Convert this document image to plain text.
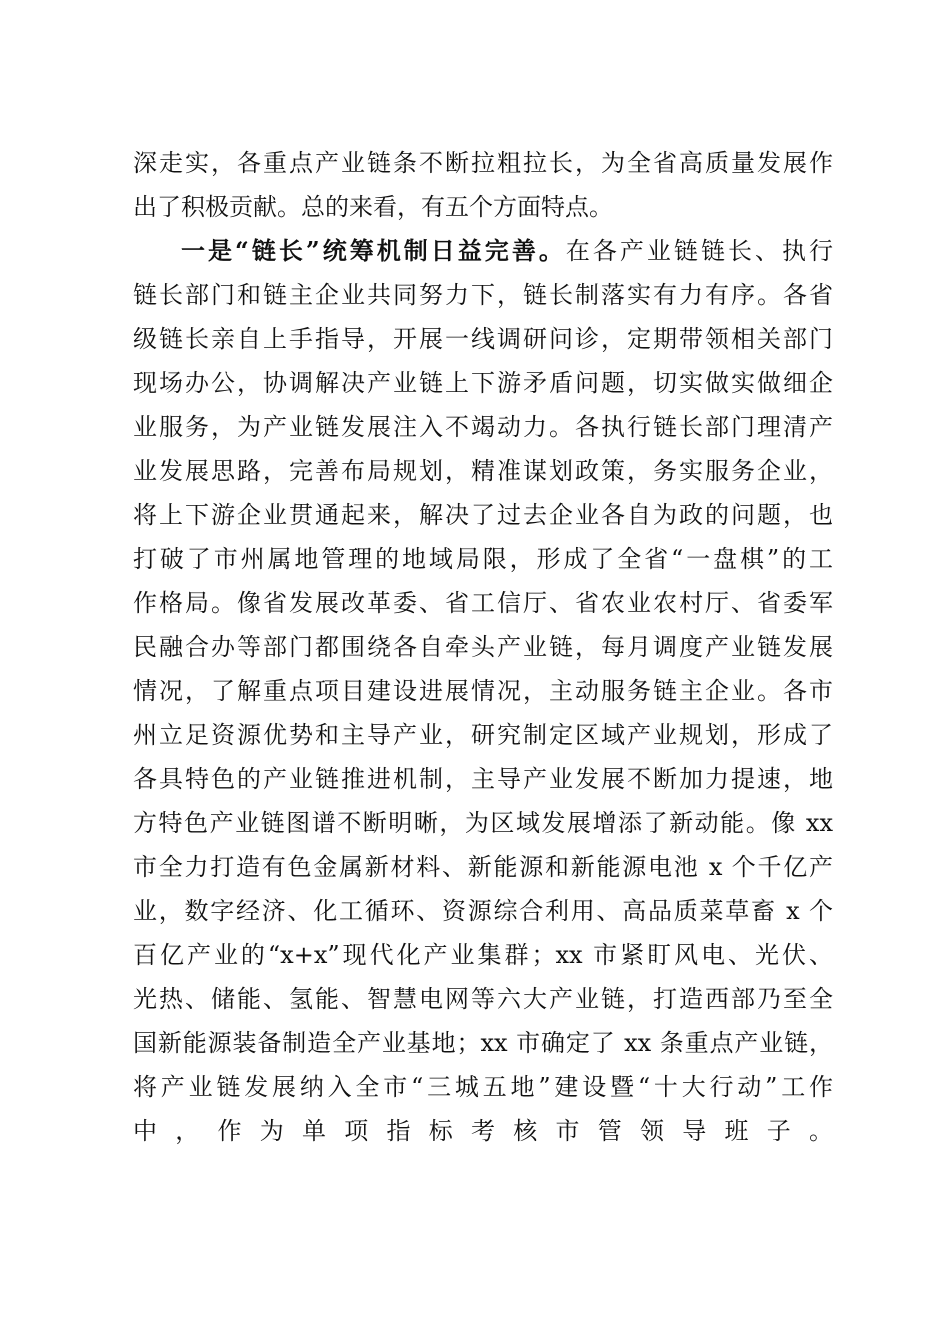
深走实，各重点产业链条不断拉粗拉长，为全省高质量发展作
出了积极贡献。总的来看，有五个方面特点。
一是“链长”统筹机制日益完善。在各产业链链长、执行
链长部门和链主企业共同努力下，链长制落实有力有序。各省
级链长亲自上手指导，开展一线调研问诊，定期带领相关部门
现场办公，协调解决产业链上下游矛盾问题，切实做实做细企
业服务，为产业链发展注入不竭动力。各执行链长部门理清产
业发展思路，完善布局规划，精准谋划政策，务实服务企业，
将上下游企业贯通起来，解决了过去企业各自为政的问题，也
打破了市州属地管理的地域局限，形成了全省“一盘棋”的工
作格局。像省发展改革委、省工信厅、省农业农村厅、省委军
民融合办等部门都围绕各自牵头产业链，每月调度产业链发展
情况，了解重点项目建设进展情况，主动服务链主企业。各市
州立足资源优势和主导产业，研究制定区域产业规划，形成了
各具特色的产业链推进机制，主导产业发展不断加力提速，地
方特色产业链图谱不断明晰，为区域发展增添了新动能。像 xx
市全力打造有色金属新材料、新能源和新能源电池 x 个千亿产
业，数字经济、化工循环、资源综合利用、高品质菜草畜 x 个
百亿产业的“x+x”现代化产业集群；xx 市紧盯风电、光伏、
光热、储能、氢能、智慧电网等六大产业链，打造西部乃至全
国新能源装备制造全产业基地；xx 市确定了 xx 条重点产业链，
将产业链发展纳入全市“三城五地”建设暨“十大行动”工作
中，作为单项指标考核市管领导班子。
